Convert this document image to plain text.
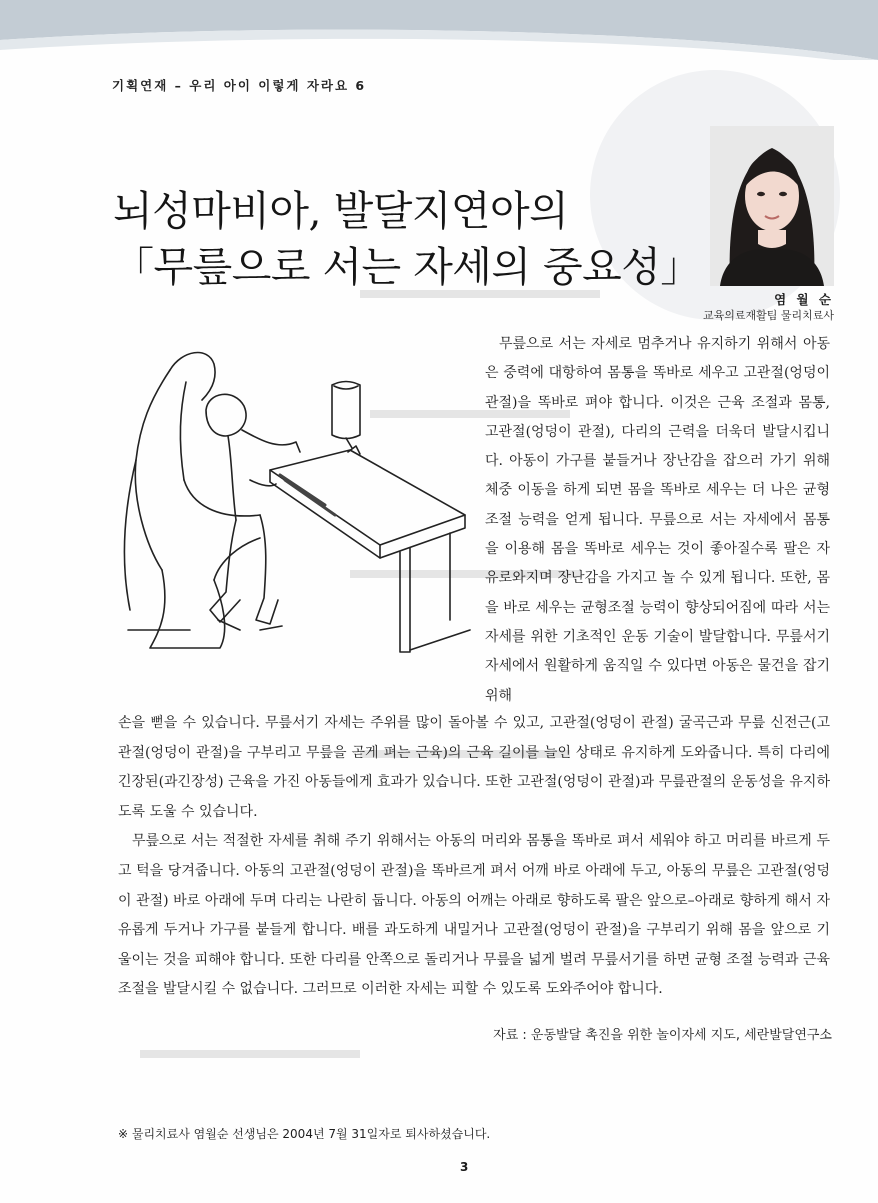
기획연재 – 우리 아이 이렇게 자라요 6
뇌성마비아, 발달지연아의
「무릎으로 서는 자세의 중요성」
염 월 순
교육의료재활팀 물리치료사

무릎으로 서는 자세로 멈추거나 유지하기 위해서 아동은 중력에 대항하여 몸통을 똑바로 세우고 고관절(엉덩이 관절)을 똑바로 펴야 합니다. 이것은 근육 조절과 몸통, 고관절(엉덩이 관절), 다리의 근력을 더욱더 발달시킵니다. 아동이 가구를 붙들거나 장난감을 잡으러 가기 위해 체중 이동을 하게 되면 몸을 똑바로 세우는 더 나은 균형 조절 능력을 얻게 됩니다. 무릎으로 서는 자세에서 몸통을 이용해 몸을 똑바로 세우는 것이 좋아질수록 팔은 자유로와지며 장난감을 가지고 놀 수 있게 됩니다. 또한, 몸을 바로 세우는 균형조절 능력이 향상되어짐에 따라 서는 자세를 위한 기초적인 운동 기술이 발달합니다. 무릎서기 자세에서 원활하게 움직일 수 있다면 아동은 물건을 잡기 위해

손을 뻗을 수 있습니다. 무릎서기 자세는 주위를 많이 돌아볼 수 있고, 고관절(엉덩이 관절) 굴곡근과 무릎 신전근(고관절(엉덩이 관절)을 구부리고 무릎을 곧게 펴는 근육)의 근육 길이를 늘인 상태로 유지하게 도와줍니다. 특히 다리에 긴장된(과긴장성) 근육을 가진 아동들에게 효과가 있습니다. 또한 고관절(엉덩이 관절)과 무릎관절의 운동성을 유지하도록 도울 수 있습니다.

무릎으로 서는 적절한 자세를 취해 주기 위해서는 아동의 머리와 몸통을 똑바로 펴서 세워야 하고 머리를 바르게 두고 턱을 당겨줍니다. 아동의 고관절(엉덩이 관절)을 똑바르게 펴서 어깨 바로 아래에 두고, 아동의 무릎은 고관절(엉덩이 관절) 바로 아래에 두며 다리는 나란히 둡니다. 아동의 어깨는 아래로 향하도록 팔은 앞으로–아래로 향하게 해서 자유롭게 두거나 가구를 붙들게 합니다. 배를 과도하게 내밀거나 고관절(엉덩이 관절)을 구부리기 위해 몸을 앞으로 기울이는 것을 피해야 합니다. 또한 다리를 안쪽으로 돌리거나 무릎을 넓게 벌려 무릎서기를 하면 균형 조절 능력과 근육 조절을 발달시킬 수 없습니다. 그러므로 이러한 자세는 피할 수 있도록 도와주어야 합니다.

자료 : 운동발달 촉진을 위한 놀이자세 지도, 세란발달연구소
※ 물리치료사 염월순 선생님은 2004년 7월 31일자로 퇴사하셨습니다.
3
